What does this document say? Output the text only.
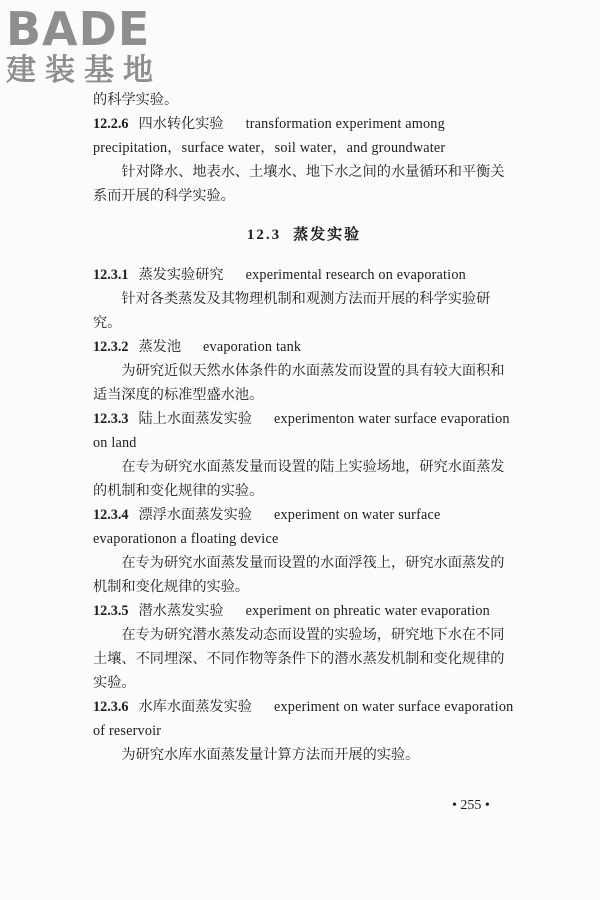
BADE
建装基地

的科学实验。

12.2.6 四水转化实验 transformation experiment among

precipitation，surface water，soil water，and groundwater

针对降水、地表水、土壤水、地下水之间的水量循环和平衡关系而开展的科学实验。

12.3 蒸发实验

12.3.1 蒸发实验研究 experimental research on evaporation

针对各类蒸发及其物理机制和观测方法而开展的科学实验研究。

12.3.2 蒸发池 evaporation tank

为研究近似天然水体条件的水面蒸发而设置的具有较大面积和适当深度的标准型盛水池。

12.3.3 陆上水面蒸发实验 experimenton water surface evaporation on land

在专为研究水面蒸发量而设置的陆上实验场地，研究水面蒸发的机制和变化规律的实验。

12.3.4 漂浮水面蒸发实验 experiment on water surface evaporationon a floating device

在专为研究水面蒸发量而设置的水面浮筏上，研究水面蒸发的机制和变化规律的实验。

12.3.5 潜水蒸发实验 experiment on phreatic water evaporation

在专为研究潜水蒸发动态而设置的实验场，研究地下水在不同土壤、不同埋深、不同作物等条件下的潜水蒸发机制和变化规律的实验。

12.3.6 水库水面蒸发实验 experiment on water surface evaporation of reservoir

为研究水库水面蒸发量计算方法而开展的实验。

• 255 •
